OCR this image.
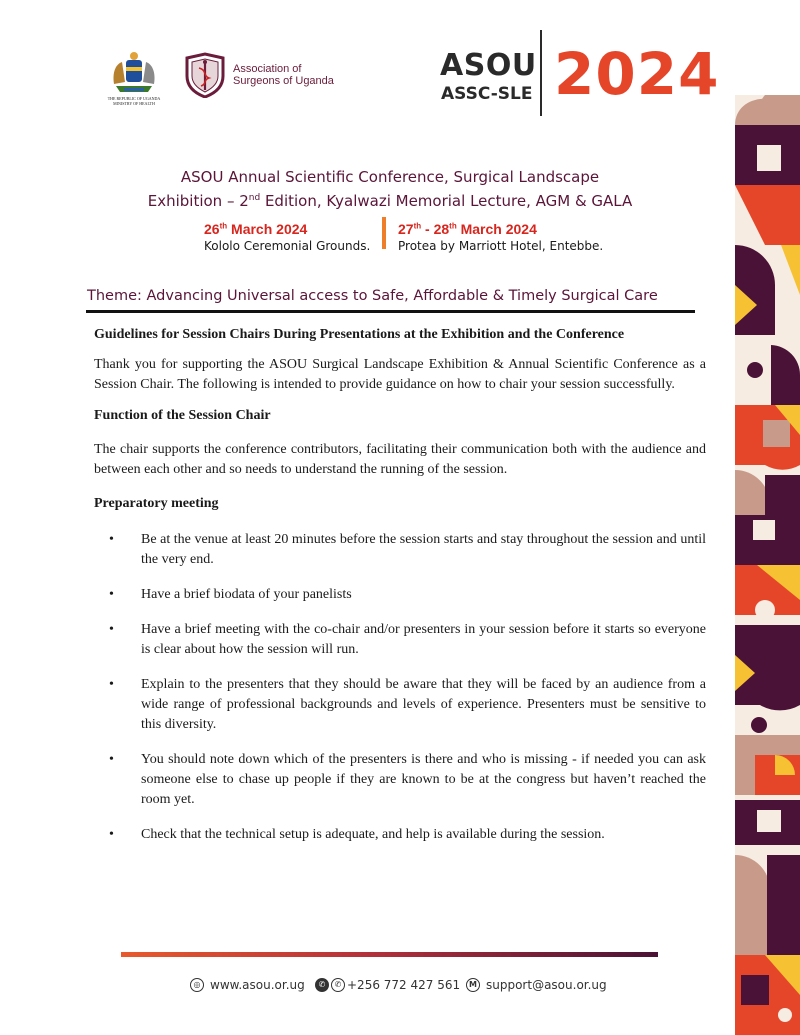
THE REPUBLIC OF UGANDA
MINISTRY OF HEALTH
Association of
Surgeons of Uganda	ASOU
ASSC-SLE 2024
ASOU Annual Scientific Conference, Surgical Landscape
Exhibition – 2nd Edition, Kyalwazi Memorial Lecture, AGM & GALA
26th March 2024
Kololo Ceremonial Grounds.
27th - 28th March 2024
Protea by Marriott Hotel, Entebbe.
Theme: Advancing Universal access to Safe, Affordable & Timely Surgical Care
Guidelines for Session Chairs During Presentations at the Exhibition and the Conference

Thank you for supporting the ASOU Surgical Landscape Exhibition & Annual Scientific Conference as a Session Chair. The following is intended to provide guidance on how to chair your session successfully.

Function of the Session Chair

The chair supports the conference contributors, facilitating their communication both with the audience and between each other and so needs to understand the running of the session.

Preparatory meeting
• Be at the venue at least 20 minutes before the session starts and stay throughout the session and until the very end.
• Have a brief biodata of your panelists
• Have a brief meeting with the co-chair and/or presenters in your session before it starts so everyone is clear about how the session will run.
• Explain to the presenters that they should be aware that they will be faced by an audience from a wide range of professional backgrounds and levels of experience. Presenters must be sensitive to this diversity.
• You should note down which of the presenters is there and who is missing - if needed you can ask someone else to chase up people if they are known to be at the congress but haven’t reached the room yet.
• Check that the technical setup is adequate, and help is available during the session.
◎ www.asou.or.ug	✆	✆ +256 772 427 561	M support@asou.or.ug
